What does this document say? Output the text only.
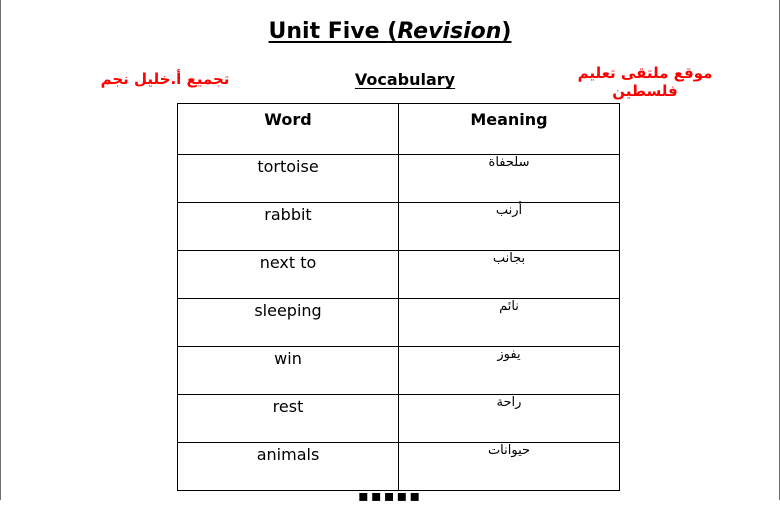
Unit Five (Revision)
تجميع أ.خليل نجم	Vocabulary	موقع ملتقى تعليم فلسطين
Word	Meaning

tortoise	سلحفاة

rabbit	أرنب

next to	بجانب

sleeping	نائم

win	يفوز

rest	راحة

animals	حيوانات
▪▪▪▪▪
